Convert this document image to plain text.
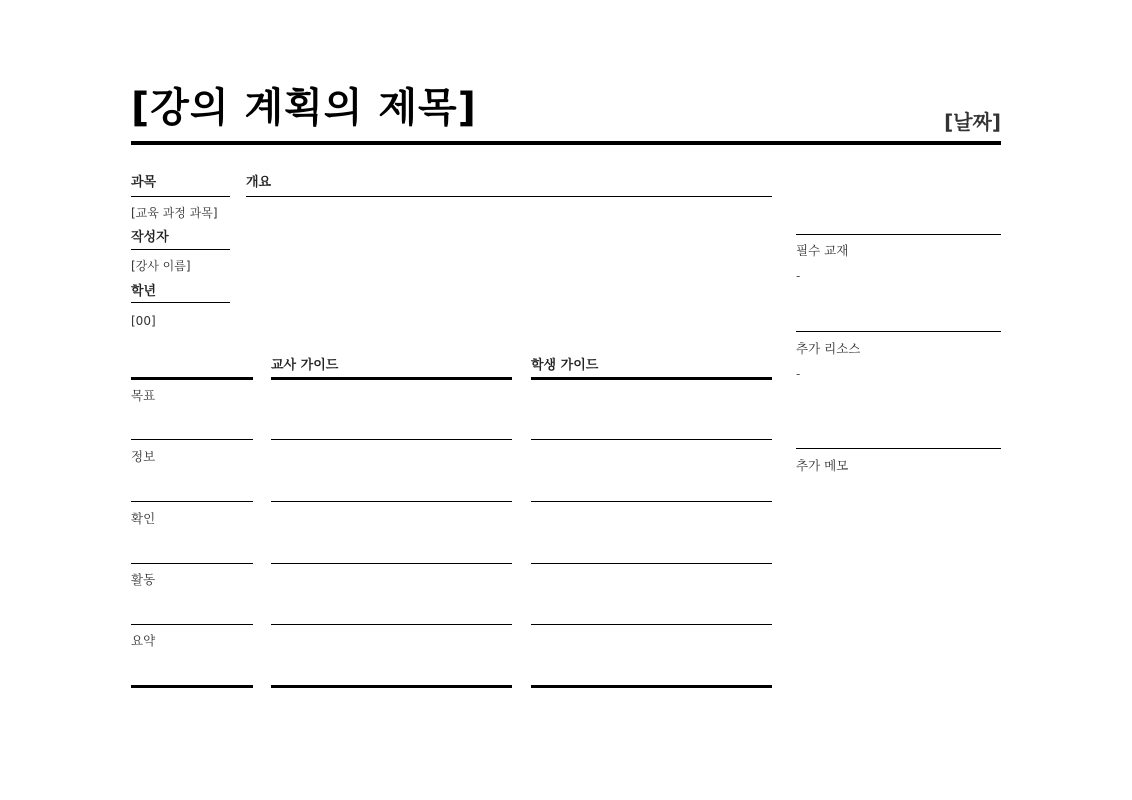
[강의 계획의 제목]	[날짜]
과목
[교육 과정 과목]
작성자
[강사 이름]
학년
[00]
개요
교사 가이드	학생 가이드
목표
정보
확인
활동
요약
필수 교재
-
추가 리소스
-
추가 메모
